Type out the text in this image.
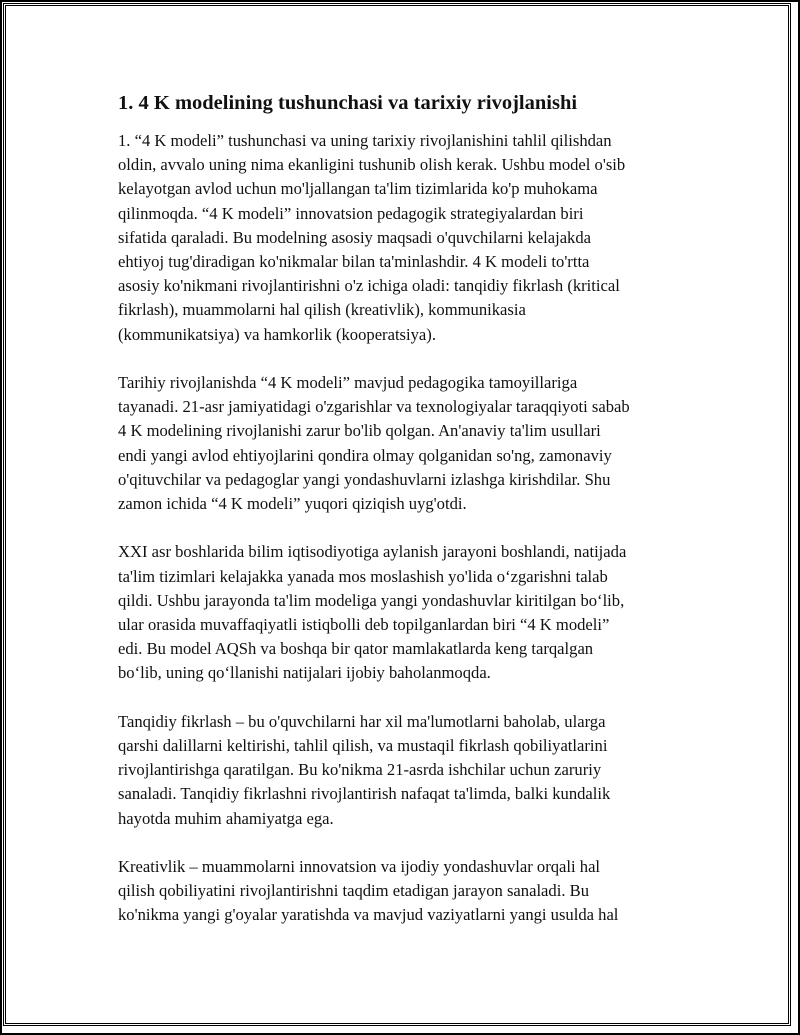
1. 4 K modelining tushunchasi va tarixiy rivojlanishi

1. “4 K modeli” tushunchasi va uning tarixiy rivojlanishini tahlil qilishdan
oldin, avvalo uning nima ekanligini tushunib olish kerak. Ushbu model o'sib
kelayotgan avlod uchun mo'ljallangan ta'lim tizimlarida ko'p muhokama
qilinmoqda. “4 K modeli” innovatsion pedagogik strategiyalardan biri
sifatida qaraladi. Bu modelning asosiy maqsadi o'quvchilarni kelajakda
ehtiyoj tug'diradigan ko'nikmalar bilan ta'minlashdir. 4 K modeli to'rtta
asosiy ko'nikmani rivojlantirishni o'z ichiga oladi: tanqidiy fikrlash (kritical
fikrlash), muammolarni hal qilish (kreativlik), kommunikasia
(kommunikatsiya) va hamkorlik (kooperatsiya).

Tarihiy rivojlanishda “4 K modeli” mavjud pedagogika tamoyillariga
tayanadi. 21-asr jamiyatidagi o'zgarishlar va texnologiyalar taraqqiyoti sabab
4 K modelining rivojlanishi zarur bo'lib qolgan. An'anaviy ta'lim usullari
endi yangi avlod ehtiyojlarini qondira olmay qolganidan so'ng, zamonaviy
o'qituvchilar va pedagoglar yangi yondashuvlarni izlashga kirishdilar. Shu
zamon ichida “4 K modeli” yuqori qiziqish uyg'otdi.

XXI asr boshlarida bilim iqtisodiyotiga aylanish jarayoni boshlandi, natijada
ta'lim tizimlari kelajakka yanada mos moslashish yo'lida o‘zgarishni talab
qildi. Ushbu jarayonda ta'lim modeliga yangi yondashuvlar kiritilgan bo‘lib,
ular orasida muvaffaqiyatli istiqbolli deb topilganlardan biri “4 K modeli”
edi. Bu model AQSh va boshqa bir qator mamlakatlarda keng tarqalgan
bo‘lib, uning qo‘llanishi natijalari ijobiy baholanmoqda.

Tanqidiy fikrlash – bu o'quvchilarni har xil ma'lumotlarni baholab, ularga
qarshi dalillarni keltirishi, tahlil qilish, va mustaqil fikrlash qobiliyatlarini
rivojlantirishga qaratilgan. Bu ko'nikma 21-asrda ishchilar uchun zaruriy
sanaladi. Tanqidiy fikrlashni rivojlantirish nafaqat ta'limda, balki kundalik
hayotda muhim ahamiyatga ega.

Kreativlik – muammolarni innovatsion va ijodiy yondashuvlar orqali hal
qilish qobiliyatini rivojlantirishni taqdim etadigan jarayon sanaladi. Bu
ko'nikma yangi g'oyalar yaratishda va mavjud vaziyatlarni yangi usulda hal
